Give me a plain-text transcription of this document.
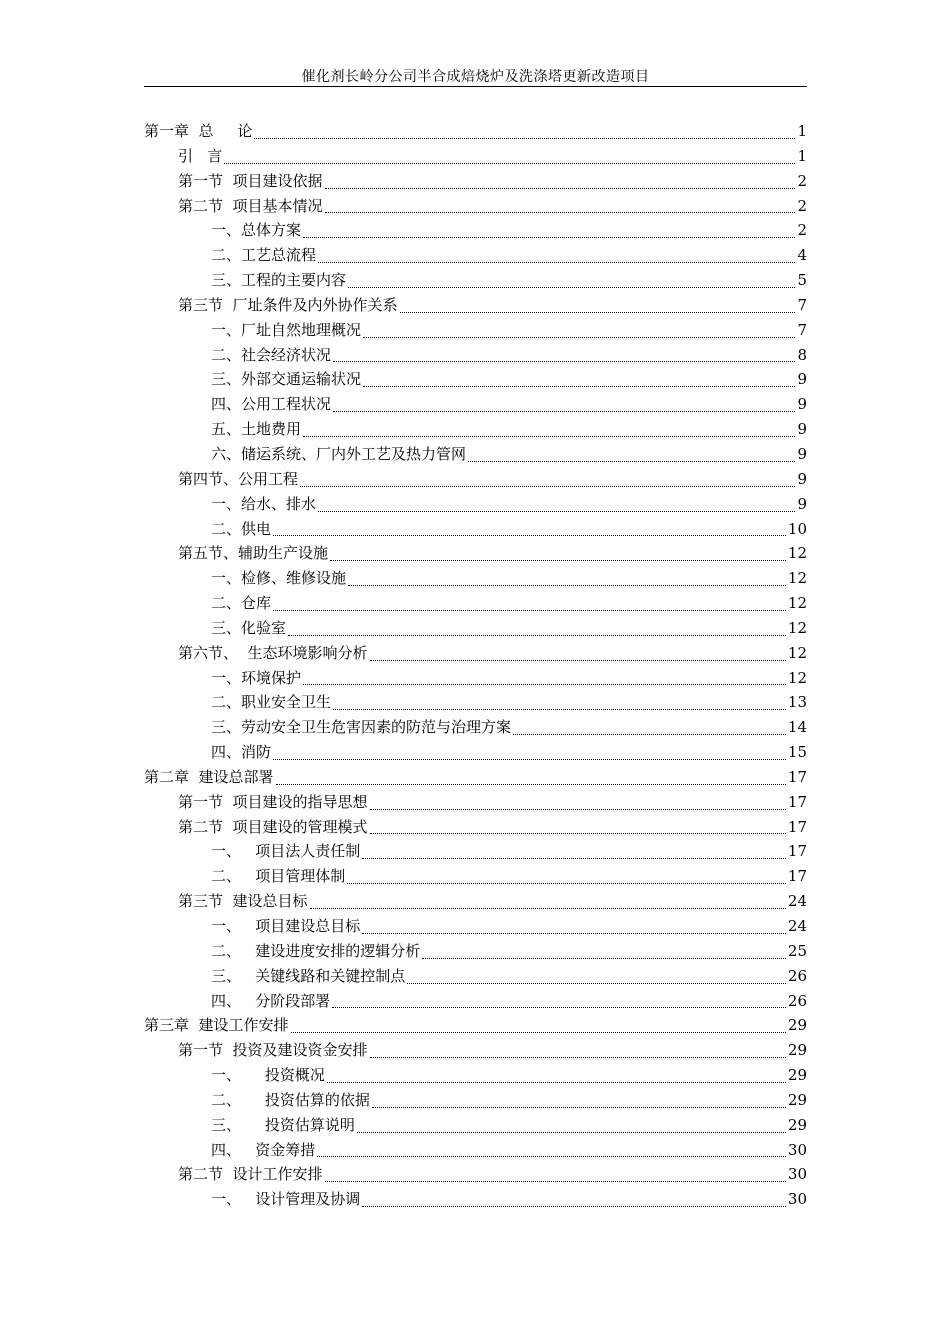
催化剂长岭分公司半合成焙烧炉及洗涤塔更新改造项目
第一章  总     论	1
引   言	1
第一节  项目建设依据	2
第二节  项目基本情况	2
一、总体方案	2
二、工艺总流程	4
三、工程的主要内容	5
第三节  厂址条件及内外协作关系	7
一、厂址自然地理概况	7
二、社会经济状况	8
三、外部交通运输状况	9
四、公用工程状况	9
五、土地费用	9
六、储运系统、厂内外工艺及热力管网	9
第四节、公用工程	9
一、给水、排水	9
二、供电	10
第五节、辅助生产设施	12
一、检修、维修设施	12
二、仓库	12
三、化验室	12
第六节、  生态环境影响分析	12
一、环境保护	12
二、职业安全卫生	13
三、劳动安全卫生危害因素的防范与治理方案	14
四、消防	15
第二章  建设总部署	17
第一节  项目建设的指导思想	17
第二节  项目建设的管理模式	17
一、   项目法人责任制	17
二、   项目管理体制	17
第三节  建设总目标	24
一、   项目建设总目标	24
二、   建设进度安排的逻辑分析	25
三、   关键线路和关键控制点	26
四、   分阶段部署	26
第三章  建设工作安排	29
第一节  投资及建设资金安排	29
一、     投资概况	29
二、     投资估算的依据	29
三、     投资估算说明	29
四、   资金筹措	30
第二节  设计工作安排	30
一、   设计管理及协调	30
